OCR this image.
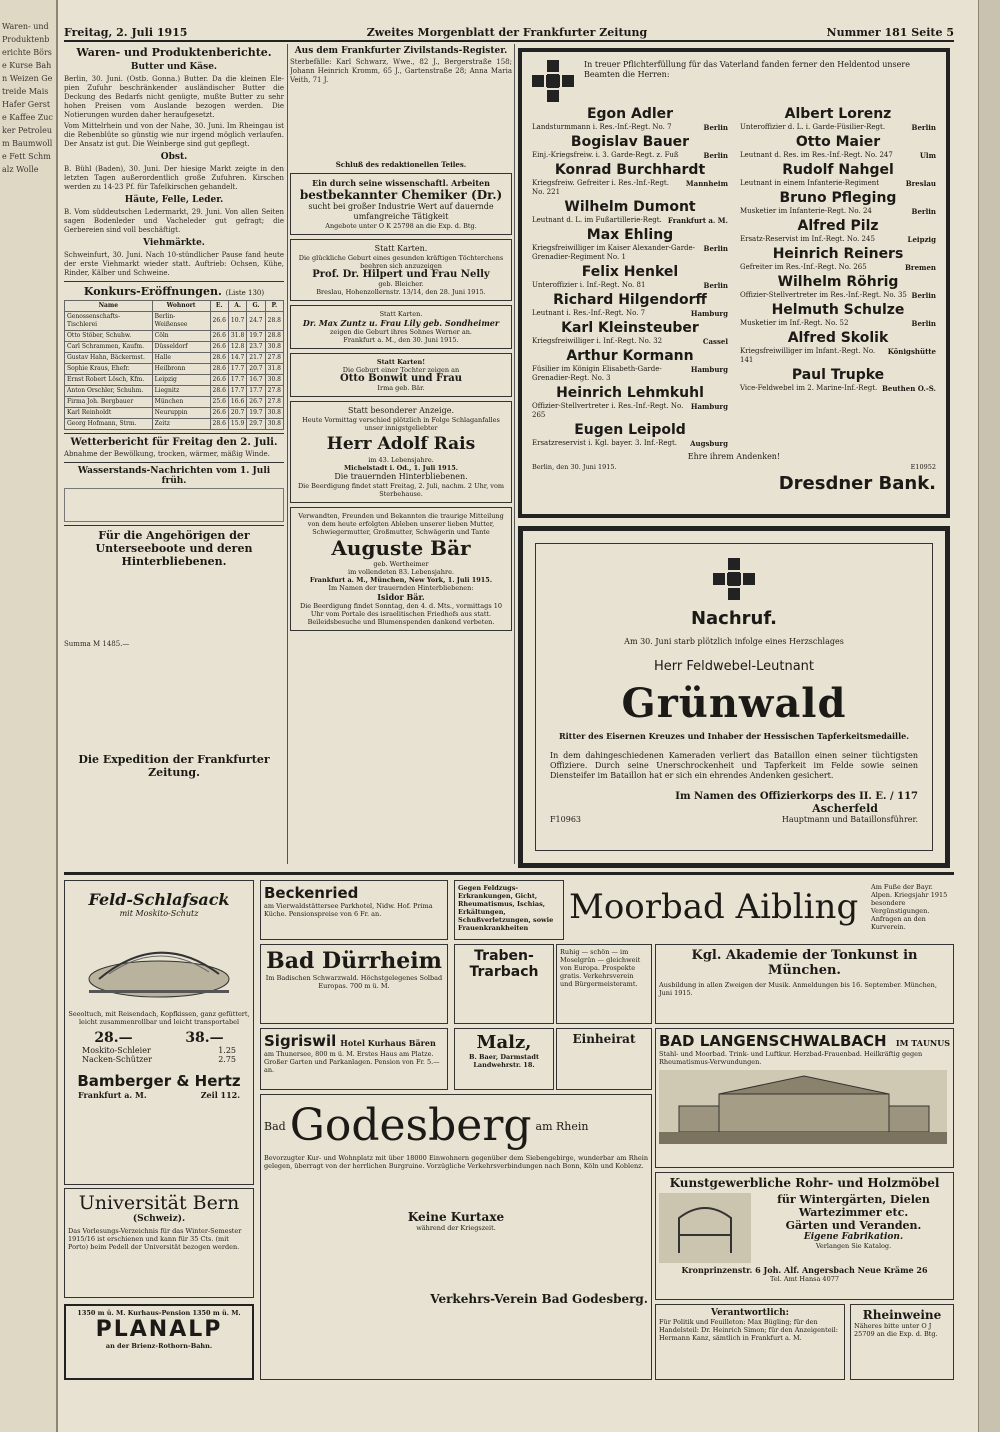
Waren- und Produktenberichte Börse Kurse Bahn Weizen Getreide Mais Hafer Gerste Kaffee Zucker Petroleum Baumwolle Fett Schmalz Wolle
Freitag, 2. Juli 1915	Zweites Morgenblatt der Frankfurter Zeitung	Nummer 181 Seite 5
Waren- und Produktenberichte.
Butter und Käse.

Berlin, 30. Juni. (Ostb. Gonna.) Butter. Da die kleinen Ele- pien Zufuhr beschränkender ausländischer Butter die Deckung des Bedarfs nicht genügte, mußte Butter zu sehr hohen Preisen vom Auslande bezogen werden. Die Notierungen wurden daher heraufgesetzt.

Vom Mittelrhein und von der Nahe, 30. Juni. Im Rheingau ist die Rebenblüte so günstig wie nur irgend möglich verlaufen. Der Ansatz ist gut. Die Weinberge sind gut gepflegt.

Obst.

B. Bühl (Baden), 30. Juni. Der hiesige Markt zeigte in den letzten Tagen außerordentlich große Zufuhren. Kirschen werden zu 14-23 Pf. für Tafelkirschen gehandelt.

Häute, Felle, Leder.

B. Vom süddeutschen Ledermarkt, 29. Juni. Von allen Seiten sagen Bodenleder und Vacheleder gut gefragt; die Gerbereien sind voll beschäftigt.

Viehmärkte.

Schweinfurt, 30. Juni. Nach 10-stündlicher Pause fand heute der erste Viehmarkt wieder statt. Auftrieb: Ochsen, Kühe, Rinder, Kälber und Schweine.

Konkurs-Eröffnungen. (Liste 130)
Name	Wohnort	E.	A.	G.	P.
Genossenschafts-Tischlerei	Berlin-Weißensee	26.6	10.7	24.7	28.8
Otto Stöber, Schuhw.	Cöln	26.6	31.8	19.7	28.8
Carl Schrammen, Kaufm.	Düsseldorf	26.6	12.8	23.7	30.8
Gustav Hahn, Bäckermst.	Halle	28.6	14.7	21.7	27.8
Sophie Kraus, Ehefr.	Heilbronn	28.6	17.7	20.7	31.8
Ernst Robert Lösch, Kfm.	Leipzig	26.6	17.7	16.7	30.8
Anton Orschler, Schuhm.	Liegnitz	28.6	17.7	17.7	27.8
Firma Joh. Bergbauer	München	25.6	16.6	26.7	27.8
Karl Reinholdt	Neuruppin	26.6	20.7	19.7	30.8
Georg Hofmann, Strm.	Zeitz	28.6	15.9	29.7	30.8
Wetterbericht für Freitag den 2. Juli.

Abnahme der Bewölkung, trocken, wärmer, mäßig Winde.

Wasserstands-Nachrichten vom 1. Juli früh.
Für die Angehörigen der Unterseeboote und deren Hinterbliebenen.

Summa M 1485.—

Die Expedition der Frankfurter Zeitung.
Aus dem Frankfurter Zivilstands-Register.

Sterbefälle: Karl Schwarz, Wwe., 82 J., Bergerstraße 158; Johann Heinrich Kromm, 65 J., Gartenstraße 28; Anna Maria Veith, 71 J.

Schluß des redaktionellen Teiles.
Ein durch seine wissenschaftl. Arbeiten
bestbekannter Chemiker (Dr.)
sucht bei großer Industrie Wert auf dauernde umfangreiche Tätigkeit
Angebote unter O K 25798 an die Exp. d. Btg.
Statt Karten.
Die glückliche Geburt eines gesunden kräftigen Töchterchens beehren sich anzuzeigen
Prof. Dr. Hilpert und Frau Nelly
geb. Bleicher.
Breslau, Hohenzollernstr. 13/14, den 28. Juni 1915.
Statt Karten.
Dr. Max Zuntz u. Frau Lily geb. Sondheimer
zeigen die Geburt ihres Sohnes Werner an.
Frankfurt a. M., den 30. Juni 1915.
Statt Karten!
Die Geburt einer Tochter zeigen an
Otto Bonwit und Frau
Irma geb. Bär.
Statt besonderer Anzeige.
Heute Vormittag verschied plötzlich in Folge Schlaganfalles unser innigstgeliebter
Herr Adolf Rais
im 43. Lebensjahre.
Michelstadt i. Od., 1. Juli 1915.
Die trauernden Hinterbliebenen.
Die Beerdigung findet statt Freitag, 2. Juli, nachm. 2 Uhr, vom Sterbehause.
Verwandten, Freunden und Bekannten die traurige Mitteilung von dem heute erfolgten Ableben unserer lieben Mutter, Schwiegermutter, Großmutter, Schwägerin und Tante
Auguste Bär
geb. Wertheimer
im vollendeten 83. Lebensjahre.
Frankfurt a. M., München, New York, 1. Juli 1915.
Im Namen der trauernden Hinterbliebenen:
Isidor Bär.
Die Beerdigung findet Sonntag, den 4. d. Mts., vormittags 10 Uhr vom Portale des israelitischen Friedhofs aus statt. Beileidsbesuche und Blumenspenden dankend verbeten.
In treuer Pflichterfüllung für das Vaterland fanden ferner den Heldentod unsere Beamten die Herren:
Egon Adler
Landsturmmann i. Res.-Inf.-Regt. No. 7	Berlin
Bogislav Bauer
Einj.-Kriegsfreiw. i. 3. Garde-Regt. z. Fuß	Berlin
Konrad Burchhardt
Kriegsfreiw. Gefreiter i. Res.-Inf.-Regt. No. 221
Mannheim
Wilhelm Dumont
Leutnant d. L. im Fußartillerie-Regt. Frankfurt a. M.
Max Ehling
Kriegsfreiwilliger im Kaiser Alexander-Garde-Grenadier-Regiment No. 1
Berlin
Felix Henkel
Unteroffizier i. Inf.-Regt. No. 81	Berlin
Richard Hilgendorff
Leutnant i. Res.-Inf.-Regt. No. 7	Hamburg
Karl Kleinsteuber
Kriegsfreiwilliger i. Inf.-Regt. No. 32	Cassel
Arthur Kormann
Füsilier im Königin Elisabeth-Garde-Grenadier-Regt. No. 3
Hamburg
Heinrich Lehmkuhl
Offizier-Stellvertreter i. Res.-Inf.-Regt. No. 265
Hamburg
Eugen Leipold
Ersatzreservist i. Kgl. bayer. 3. Inf.-Regt. Augsburg
Albert Lorenz
Unteroffizier d. L. i. Garde-Füsilier-Regt.	Berlin
Otto Maier
Leutnant d. Res. im Res.-Inf.-Regt. No. 247	Ulm
Rudolf Nahgel
Leutnant in einem Infanterie-Regiment	Breslau
Bruno Pfleging
Musketier im Infanterie-Regt. No. 24	Berlin
Alfred Pilz
Ersatz-Reservist im Inf.-Regt. No. 245	Leipzig
Heinrich Reiners
Gefreiter im Res.-Inf.-Regt. No. 265	Bremen
Wilhelm Röhrig
Offizier-Stellvertreter im Res.-Inf.-Regt. No. 35 Berlin
Helmuth Schulze
Musketier im Inf.-Regt. No. 52	Berlin
Alfred Skolik
Kriegsfreiwilliger im Infant.-Regt. No. 141
Königshütte
Paul Trupke
Vice-Feldwebel im 2. Marine-Inf.-Regt. Beuthen O.-S.
Ehre ihrem Andenken!
Berlin, den 30. Juni 1915.	E10952
Dresdner Bank.
Nachruf.
Am 30. Juni starb plötzlich infolge eines Herzschlages
Herr Feldwebel-Leutnant
Grünwald
Ritter des Eisernen Kreuzes und Inhaber der Hessischen Tapferkeitsmedaille.
In dem dahingeschiedenen Kameraden verliert das Bataillon einen seiner tüchtigsten Offiziere. Durch seine Unerschrockenheit und Tapferkeit im Felde sowie seinen Diensteifer im Bataillon hat er sich ein ehrendes Andenken gesichert.
Im Namen des Offizierkorps des II. E. / 117
Ascherfeld
F10963	Hauptmann und Bataillonsführer.
Feld-Schlafsack
mit Moskito-Schutz
Seeoltuch, mit Reisendach, Kopfkissen, ganz gefüttert, leicht zusammenrollbar und leicht transportabel
28.—	38.—
Moskito-Schleier	1.25
Nacken-Schützer	2.75
Bamberger & Hertz
Frankfurt a. M.	Zeil 112.
Universität Bern
(Schweiz).
Das Vorlesungs-Verzeichnis für das Winter-Semester 1915/16 ist erschienen und kann für 35 Cts. (mit Porto) beim Pedell der Universität bezogen werden.
1350 m ü. M. Kurhaus-Pension 1350 m ü. M.
PLANALP
an der Brienz-Rothorn-Bahn.
Beckenried
am Vierwaldstättersee Parkhotel, Nidw. Hof. Prima Küche. Pensionspreise von 6 Fr. an.
Bad Dürrheim
Im Badischen Schwarzwald. Höchstgelegenes Solbad Europas. 700 m ü. M.
Gegen Feldzugs-Erkrankungen, Gicht, Rheumatismus, Ischias, Erkältungen, Schußverletzungen, sowie Frauenkrankheiten
Moorbad Aibling	Am Fuße der Bayr. Alpen. Kriegsjahr 1915 besondere Vergünstigungen. Anfragen an den Kurverein.
Traben-Trarbach
Ruhig — schön — im Moselgrün — gleichweit von Europa. Prospekte gratis. Verkehrsverein und Bürgermeisteramt.
Kgl. Akademie der Tonkunst in München.
Ausbildung in allen Zweigen der Musik. Anmeldungen bis 16. September. München, Juni 1915.
Sigriswil Hotel Kurhaus Bären
am Thunersee, 800 m ü. M. Erstes Haus am Platze. Großer Garten und Parkanlagen. Pension von Fr. 5.— an.
Malz,
B. Baer, Darmstadt Landwehrstr. 18.
Einheirat	BAD LANGENSCHWALBACH IM TAUNUS
Stahl- und Moorbad. Trink- und Luftkur. Herzbad-Frauenbad. Heilkräftig gegen Rheumatismus-Verwundungen.
Bad Godesberg am Rhein
Bevorzugter Kur- und Wohnplatz mit über 18000 Einwohnern gegenüber dem Siebengebirge, wunderbar am Rhein gelegen, überragt von der herrlichen Burgruine. Vorzügliche Verkehrsverbindungen nach Bonn, Köln und Koblenz.
Keine Kurtaxe
während der Kriegszeit.
Verkehrs-Verein Bad Godesberg.
Kunstgewerbliche Rohr- und Holzmöbel
für Wintergärten, Dielen Wartezimmer etc.
Gärten und Veranden.
Eigene Fabrikation.
Verlangen Sie Katalog.
Kronprinzenstr. 6 Joh. Alf. Angersbach Neue Kräme 26
Tel. Amt Hansa 4077
Verantwortlich:
Für Politik und Feuilleton: Max Bügling; für den Handelsteil: Dr. Heinrich Simon; für den Anzeigenteil: Hermann Kanz, sämtlich in Frankfurt a. M.
Rheinweine
Näheres bitte unter O J 25709 an die Exp. d. Btg.
